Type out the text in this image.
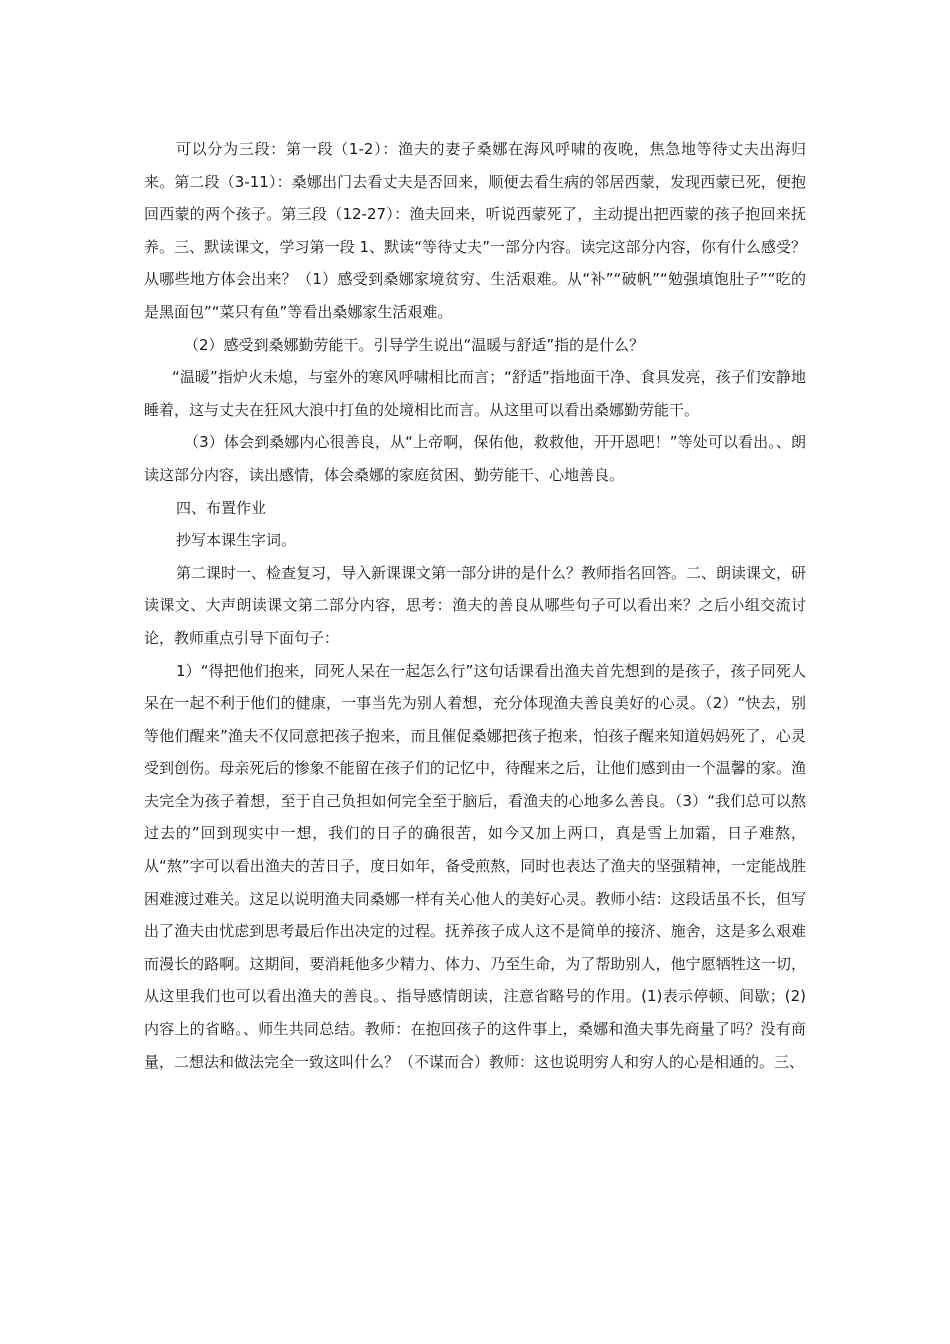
可以分为三段：第一段（1-2）：渔夫的妻子桑娜在海风呼啸的夜晚，焦急地等待丈夫出海归来。第二段（3-11）：桑娜出门去看丈夫是否回来，顺便去看生病的邻居西蒙，发现西蒙已死，便抱回西蒙的两个孩子。第三段（12-27）：渔夫回来，听说西蒙死了，主动提出把西蒙的孩子抱回来抚养。三、默读课文，学习第一段 1、默读“等待丈夫”一部分内容。读完这部分内容，你有什么感受？从哪些地方体会出来？（1）感受到桑娜家境贫穷、生活艰难。从“补”“破帆”“勉强填饱肚子”“吃的是黑面包”“菜只有鱼”等看出桑娜家生活艰难。

（2）感受到桑娜勤劳能干。引导学生说出“温暖与舒适”指的是什么？

“温暖”指炉火未熄，与室外的寒风呼啸相比而言；“舒适”指地面干净、食具发亮，孩子们安静地睡着，这与丈夫在狂风大浪中打鱼的处境相比而言。从这里可以看出桑娜勤劳能干。

（3）体会到桑娜内心很善良，从“上帝啊，保佑他，救救他，开开恩吧！”等处可以看出。、朗读这部分内容，读出感情，体会桑娜的家庭贫困、勤劳能干、心地善良。

四、布置作业

抄写本课生字词。

第二课时一、检查复习，导入新课课文第一部分讲的是什么？教师指名回答。二、朗读课文，研读课文、大声朗读课文第二部分内容，思考：渔夫的善良从哪些句子可以看出来？之后小组交流讨论，教师重点引导下面句子：

1）“得把他们抱来，同死人呆在一起怎么行”这句话课看出渔夫首先想到的是孩子，孩子同死人呆在一起不利于他们的健康，一事当先为别人着想，充分体现渔夫善良美好的心灵。（2）“快去，别等他们醒来”渔夫不仅同意把孩子抱来，而且催促桑娜把孩子抱来，怕孩子醒来知道妈妈死了，心灵受到创伤。母亲死后的惨象不能留在孩子们的记忆中，待醒来之后，让他们感到由一个温馨的家。渔夫完全为孩子着想，至于自己负担如何完全至于脑后，看渔夫的心地多么善良。（3）“我们总可以熬过去的”回到现实中一想，我们的日子的确很苦，如今又加上两口，真是雪上加霜，日子难熬，从“熬”字可以看出渔夫的苦日子，度日如年，备受煎熬，同时也表达了渔夫的坚强精神，一定能战胜困难渡过难关。这足以说明渔夫同桑娜一样有关心他人的美好心灵。教师小结：这段话虽不长，但写出了渔夫由忧虑到思考最后作出决定的过程。抚养孩子成人这不是简单的接济、施舍，这是多么艰难而漫长的路啊。这期间，要消耗他多少精力、体力、乃至生命，为了帮助别人，他宁愿牺牲这一切，从这里我们也可以看出渔夫的善良。、指导感情朗读，注意省略号的作用。(1)表示停顿、间歇；(2)内容上的省略。、师生共同总结。教师：在抱回孩子的这件事上，桑娜和渔夫事先商量了吗？没有商量，二想法和做法完全一致这叫什么？（不谋而合）教师：这也说明穷人和穷人的心是相通的。三、
